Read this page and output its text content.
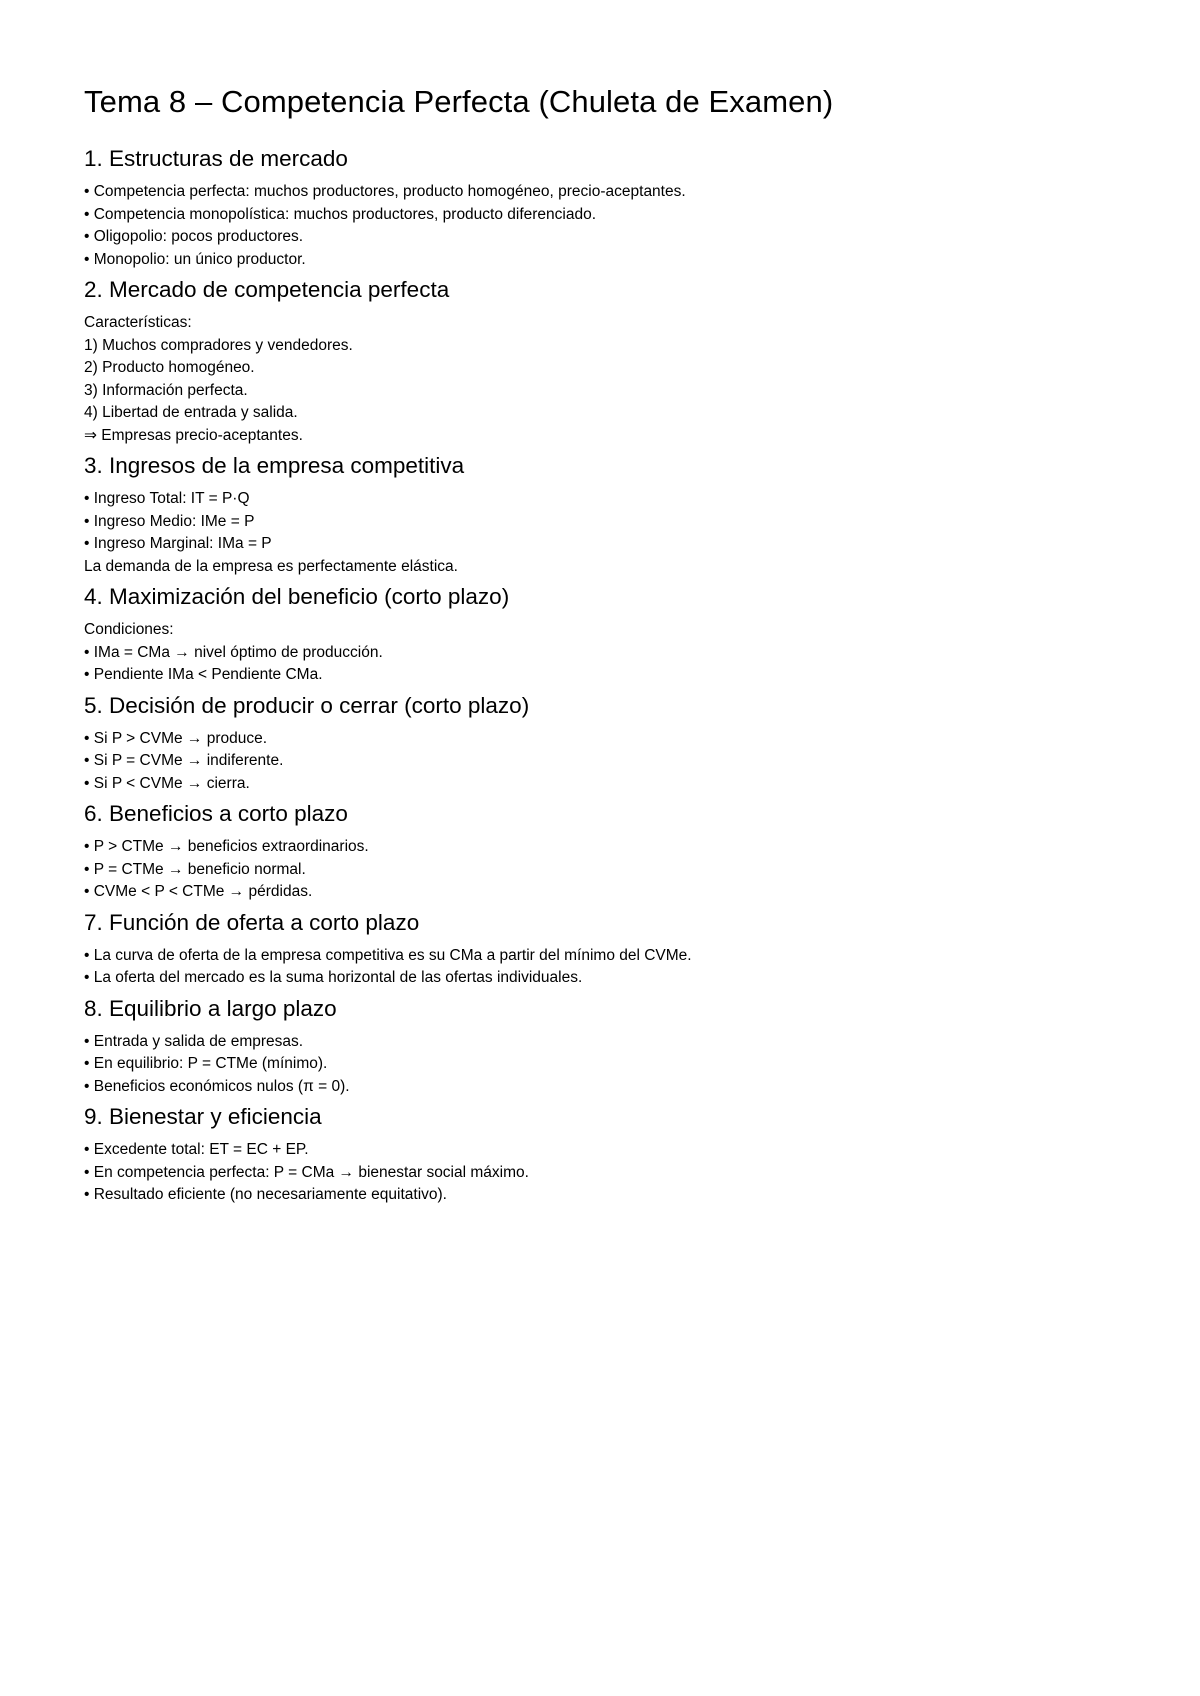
Tema 8 – Competencia Perfecta (Chuleta de Examen)
1. Estructuras de mercado

• Competencia perfecta: muchos productores, producto homogéneo, precio-aceptantes.

• Competencia monopolística: muchos productores, producto diferenciado.

• Oligopolio: pocos productores.

• Monopolio: un único productor.

2. Mercado de competencia perfecta

Características:

1) Muchos compradores y vendedores.

2) Producto homogéneo.

3) Información perfecta.

4) Libertad de entrada y salida.

⇒ Empresas precio-aceptantes.

3. Ingresos de la empresa competitiva

• Ingreso Total: IT = P·Q

• Ingreso Medio: IMe = P

• Ingreso Marginal: IMa = P

La demanda de la empresa es perfectamente elástica.

4. Maximización del beneficio (corto plazo)

Condiciones:

• IMa = CMa → nivel óptimo de producción.

• Pendiente IMa < Pendiente CMa.

5. Decisión de producir o cerrar (corto plazo)

• Si P > CVMe → produce.

• Si P = CVMe → indiferente.

• Si P < CVMe → cierra.

6. Beneficios a corto plazo

• P > CTMe → beneficios extraordinarios.

• P = CTMe → beneficio normal.

• CVMe < P < CTMe → pérdidas.

7. Función de oferta a corto plazo

• La curva de oferta de la empresa competitiva es su CMa a partir del mínimo del CVMe.

• La oferta del mercado es la suma horizontal de las ofertas individuales.

8. Equilibrio a largo plazo

• Entrada y salida de empresas.

• En equilibrio: P = CTMe (mínimo).

• Beneficios económicos nulos (π = 0).

9. Bienestar y eficiencia

• Excedente total: ET = EC + EP.

• En competencia perfecta: P = CMa → bienestar social máximo.

• Resultado eficiente (no necesariamente equitativo).
